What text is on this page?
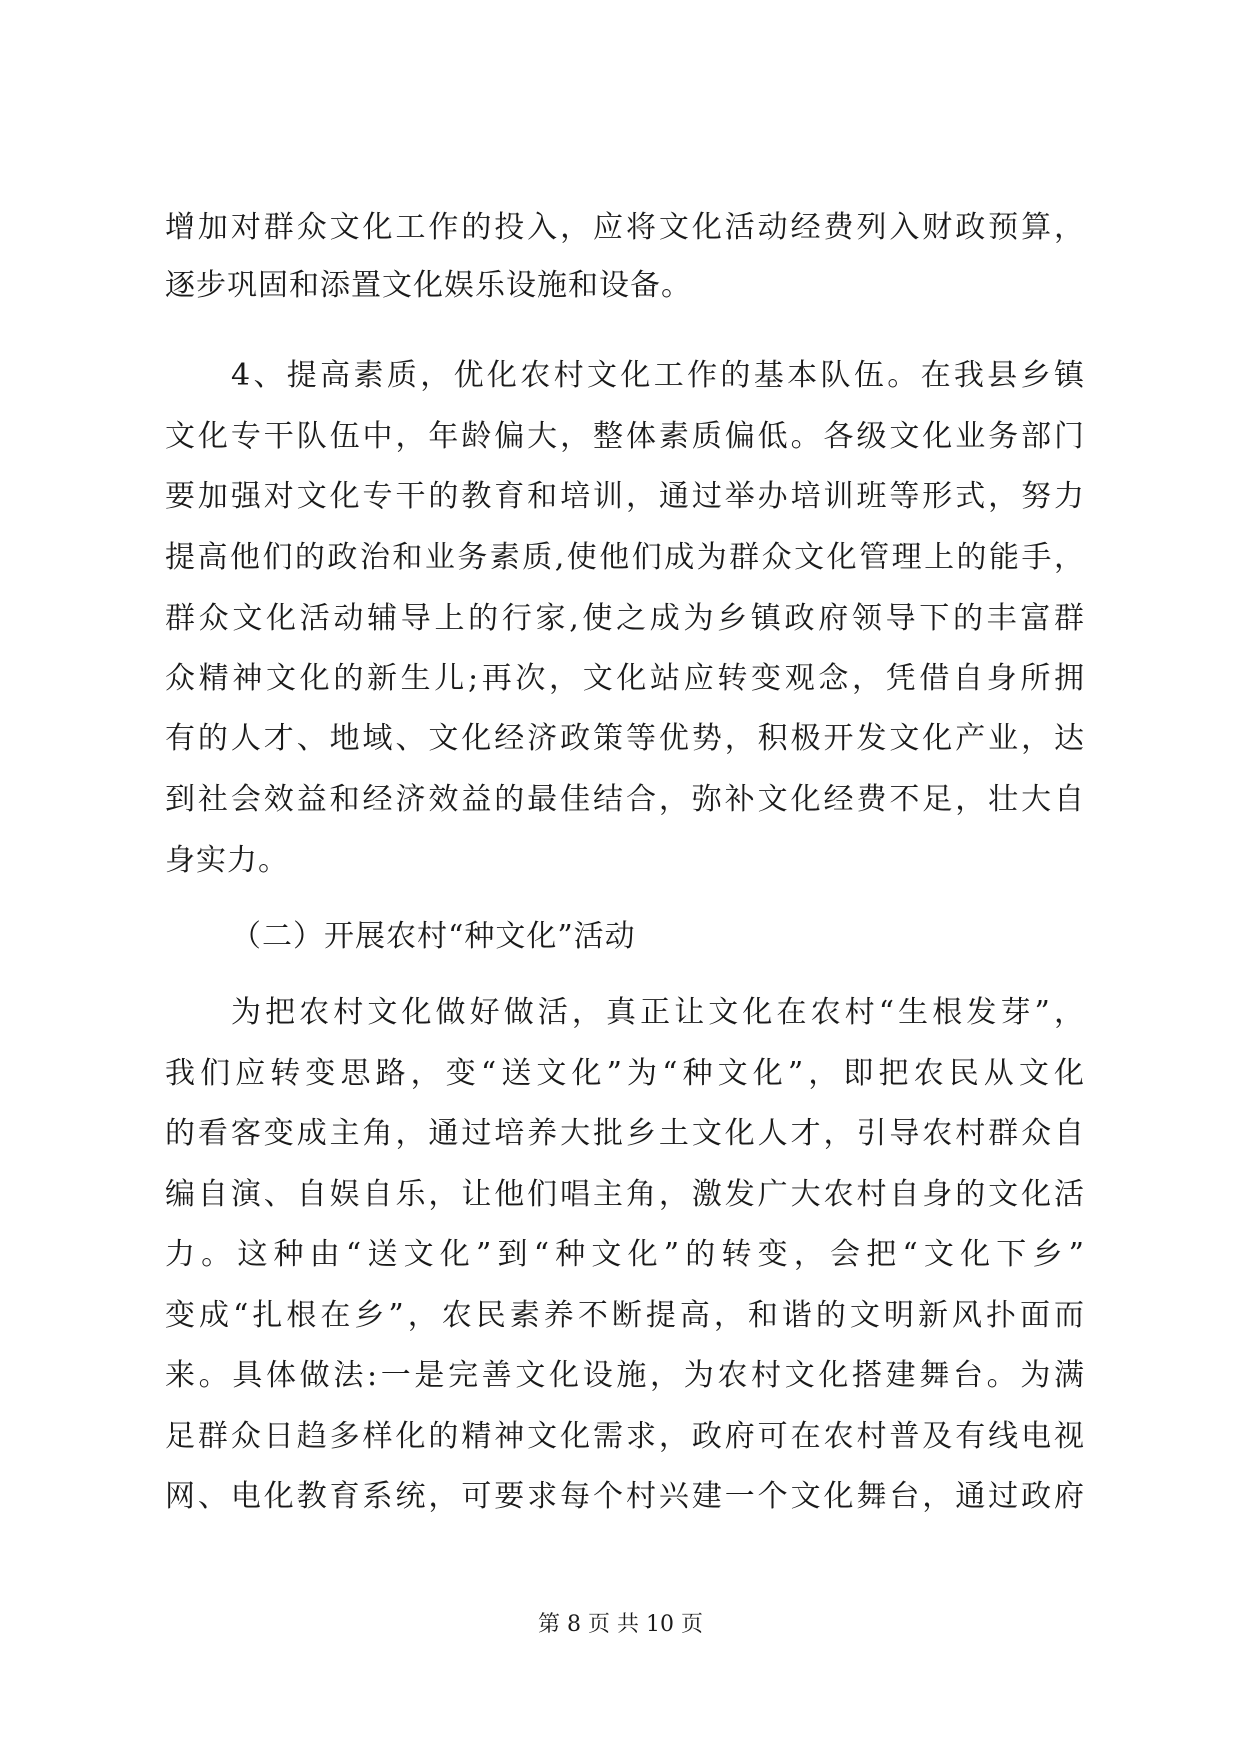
增加对群众文化工作的投入，应将文化活动经费列入财政预算，
逐步巩固和添置文化娱乐设施和设备。
4、提高素质，优化农村文化工作的基本队伍。在我县乡镇
文化专干队伍中，年龄偏大，整体素质偏低。各级文化业务部门
要加强对文化专干的教育和培训，通过举办培训班等形式，努力
提高他们的政治和业务素质,使他们成为群众文化管理上的能手，
群众文化活动辅导上的行家,使之成为乡镇政府领导下的丰富群
众精神文化的新生儿;再次，文化站应转变观念，凭借自身所拥
有的人才、地域、文化经济政策等优势，积极开发文化产业，达
到社会效益和经济效益的最佳结合，弥补文化经费不足，壮大自
身实力。
（二）开展农村“种文化”活动
为把农村文化做好做活，真正让文化在农村“生根发芽”，
我们应转变思路，变“送文化”为“种文化”，即把农民从文化
的看客变成主角，通过培养大批乡土文化人才，引导农村群众自
编自演、自娱自乐，让他们唱主角，激发广大农村自身的文化活
力。这种由“送文化”到“种文化”的转变，会把“文化下乡”
变成“扎根在乡”，农民素养不断提高，和谐的文明新风扑面而
来。具体做法:一是完善文化设施，为农村文化搭建舞台。为满
足群众日趋多样化的精神文化需求，政府可在农村普及有线电视
网、电化教育系统，可要求每个村兴建一个文化舞台，通过政府
第 8 页 共 10 页
